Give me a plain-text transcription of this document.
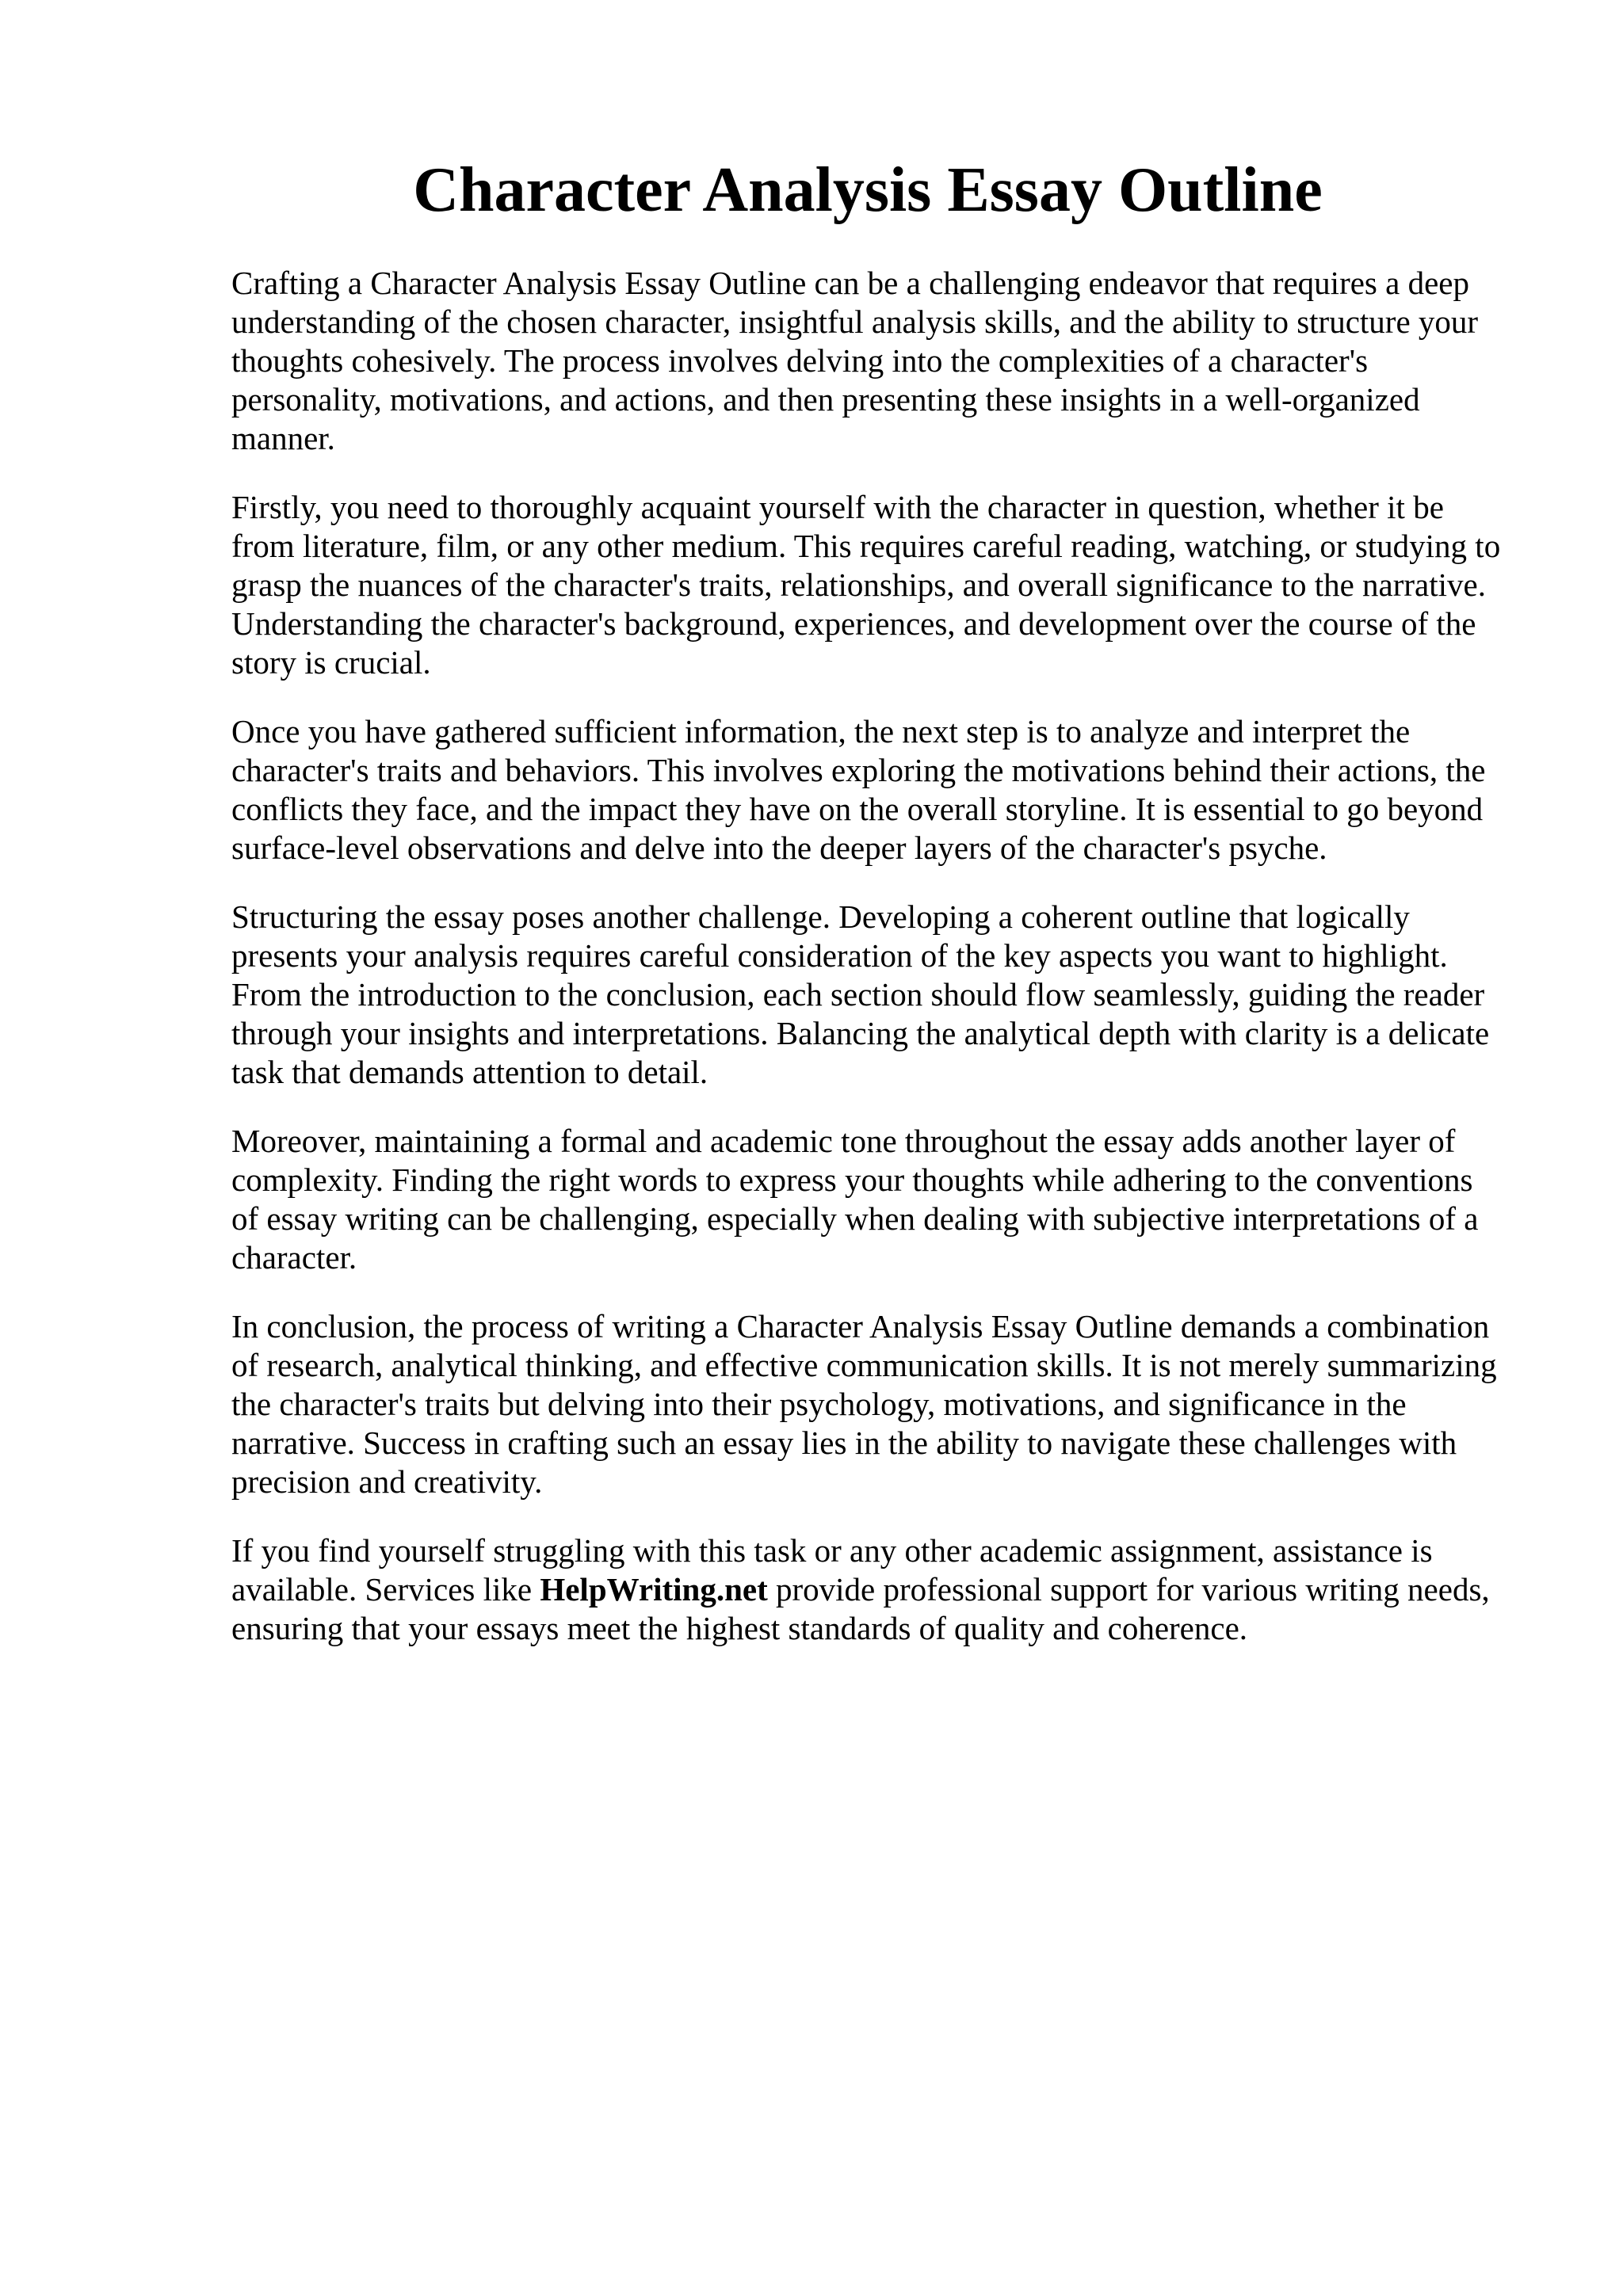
Character Analysis Essay Outline

Crafting a Character Analysis Essay Outline can be a challenging endeavor that requires a deep
understanding of the chosen character, insightful analysis skills, and the ability to structure your
thoughts cohesively. The process involves delving into the complexities of a character's
personality, motivations, and actions, and then presenting these insights in a well-organized
manner.

Firstly, you need to thoroughly acquaint yourself with the character in question, whether it be
from literature, film, or any other medium. This requires careful reading, watching, or studying to
grasp the nuances of the character's traits, relationships, and overall significance to the narrative.
Understanding the character's background, experiences, and development over the course of the
story is crucial.

Once you have gathered sufficient information, the next step is to analyze and interpret the
character's traits and behaviors. This involves exploring the motivations behind their actions, the
conflicts they face, and the impact they have on the overall storyline. It is essential to go beyond
surface-level observations and delve into the deeper layers of the character's psyche.

Structuring the essay poses another challenge. Developing a coherent outline that logically
presents your analysis requires careful consideration of the key aspects you want to highlight.
From the introduction to the conclusion, each section should flow seamlessly, guiding the reader
through your insights and interpretations. Balancing the analytical depth with clarity is a delicate
task that demands attention to detail.

Moreover, maintaining a formal and academic tone throughout the essay adds another layer of
complexity. Finding the right words to express your thoughts while adhering to the conventions
of essay writing can be challenging, especially when dealing with subjective interpretations of a
character.

In conclusion, the process of writing a Character Analysis Essay Outline demands a combination
of research, analytical thinking, and effective communication skills. It is not merely summarizing
the character's traits but delving into their psychology, motivations, and significance in the
narrative. Success in crafting such an essay lies in the ability to navigate these challenges with
precision and creativity.

If you find yourself struggling with this task or any other academic assignment, assistance is
available. Services like HelpWriting.net provide professional support for various writing needs,
ensuring that your essays meet the highest standards of quality and coherence.
